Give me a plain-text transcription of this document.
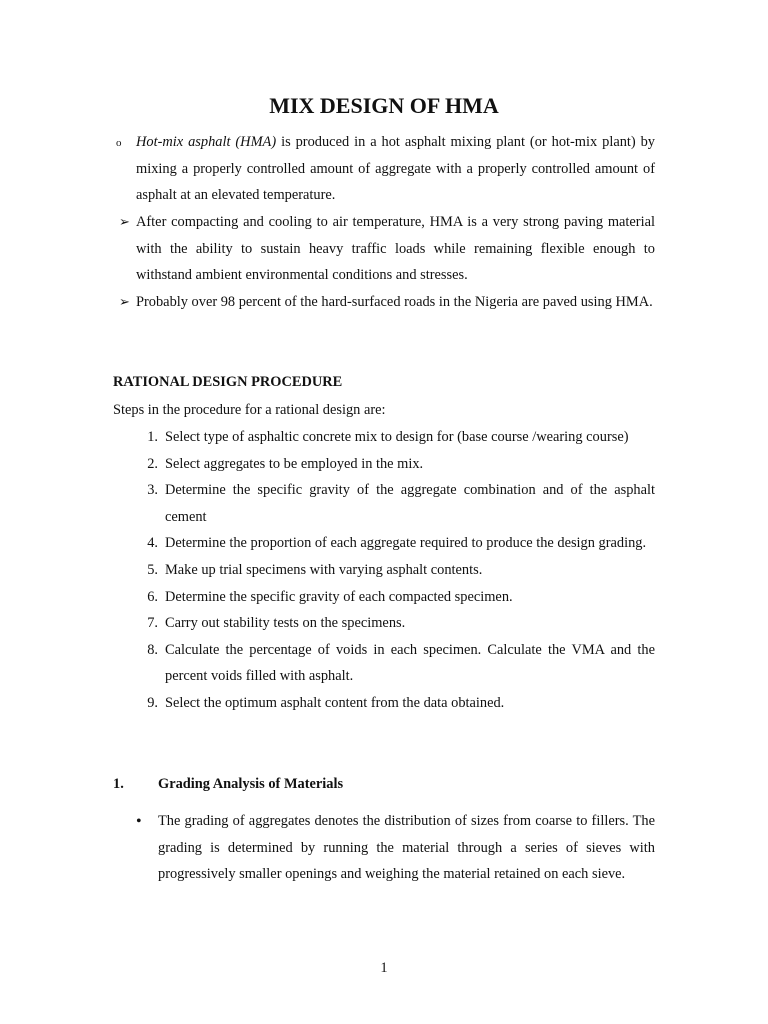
MIX DESIGN OF HMA
o Hot-mix asphalt (HMA) is produced in a hot asphalt mixing plant (or hot-mix plant) by mixing a properly controlled amount of aggregate with a properly controlled amount of asphalt at an elevated temperature.

➢ After compacting and cooling to air temperature, HMA is a very strong paving material with the ability to sustain heavy traffic loads while remaining flexible enough to withstand ambient environmental conditions and stresses.

➢ Probably over 98 percent of the hard-surfaced roads in the Nigeria are paved using HMA.

RATIONAL DESIGN PROCEDURE

Steps in the procedure for a rational design are:

1. Select type of asphaltic concrete mix to design for (base course /wearing course)
2. Select aggregates to be employed in the mix.
3. Determine the specific gravity of the aggregate combination and of the asphalt cement
4. Determine the proportion of each aggregate required to produce the design grading.
5. Make up trial specimens with varying asphalt contents.
6. Determine the specific gravity of each compacted specimen.
7. Carry out stability tests on the specimens.
8. Calculate the percentage of voids in each specimen. Calculate the VMA and the percent voids filled with asphalt.
9. Select the optimum asphalt content from the data obtained.
1.	Grading Analysis of Materials
• The grading of aggregates denotes the distribution of sizes from coarse to fillers. The grading is determined by running the material through a series of sieves with progressively smaller openings and weighing the material retained on each sieve.

1
